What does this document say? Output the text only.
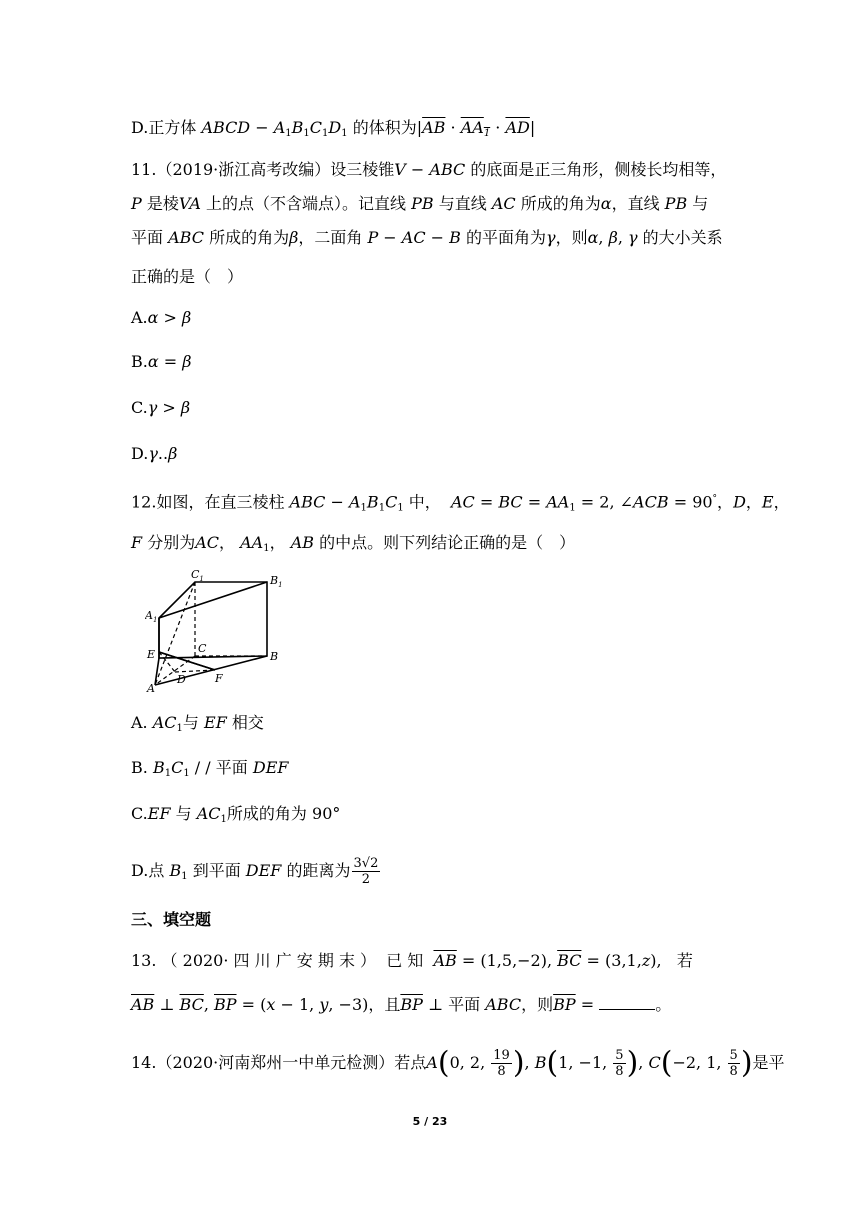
D.正方体 ABCD − $A_1B_1C_1D_1$ 的体积为$|\overline{AB} \cdot AA_1 \cdot \overline{AD}|$
11.（2019·浙江高考改编）设三棱锥V − ABC 的底面是正三角形，侧棱长均相等，
P 是棱VA 上的点（不含端点）。记直线 PB 与直线 AC 所成的角为α，直线 PB 与
平面 ABC 所成的角为β，二面角 P − AC − B 的平面角为γ，则α, β, γ 的大小关系
正确的是（　）
A.α > β
B.α = β
C.γ > β
D.γ..β
12.如图，在直三棱柱 ABC − $A_1B_1C_1$ 中， AC = BC = $AA_1 = 2$, ∠ACB = 90°，D，E，
F 分别为AC， $AA_1$， AB 的中点。则下列结论正确的是（　）
$C_1$	$B_1$
$A_1$
E	C
B
A
D	F
A. $AC_1$与 EF 相交
B. $B_1C_1$ / / 平面 DEF
C.EF 与 $AC_1$所成的角为 90°
D.点 $B_1$ 到平面 DEF 的距离为 $\frac{3√2}{2}$
三、填空题
13. （ 2020· 四 川 广 安 期 末 ） 已 知 $\overline{AB} = (1,5,-2)$, $\overline{BC} = (3,1,z)$,   若
$\overline{AB}$ ⊥ $\overline{BC}$, $\overline{BP} = (x - 1$, y, −3)，且$\overline{BP}$ ⊥ 平面 ABC，则$\overline{BP}$ =	。
14.（2020·河南郑州一中单元检测）若点A(0, 2, $\frac{19}{8}$ ), B(1, −1, $\frac{5}{8}$ ), C(−2, 1, $\frac{5}{8}$ )是平
5 / 23
